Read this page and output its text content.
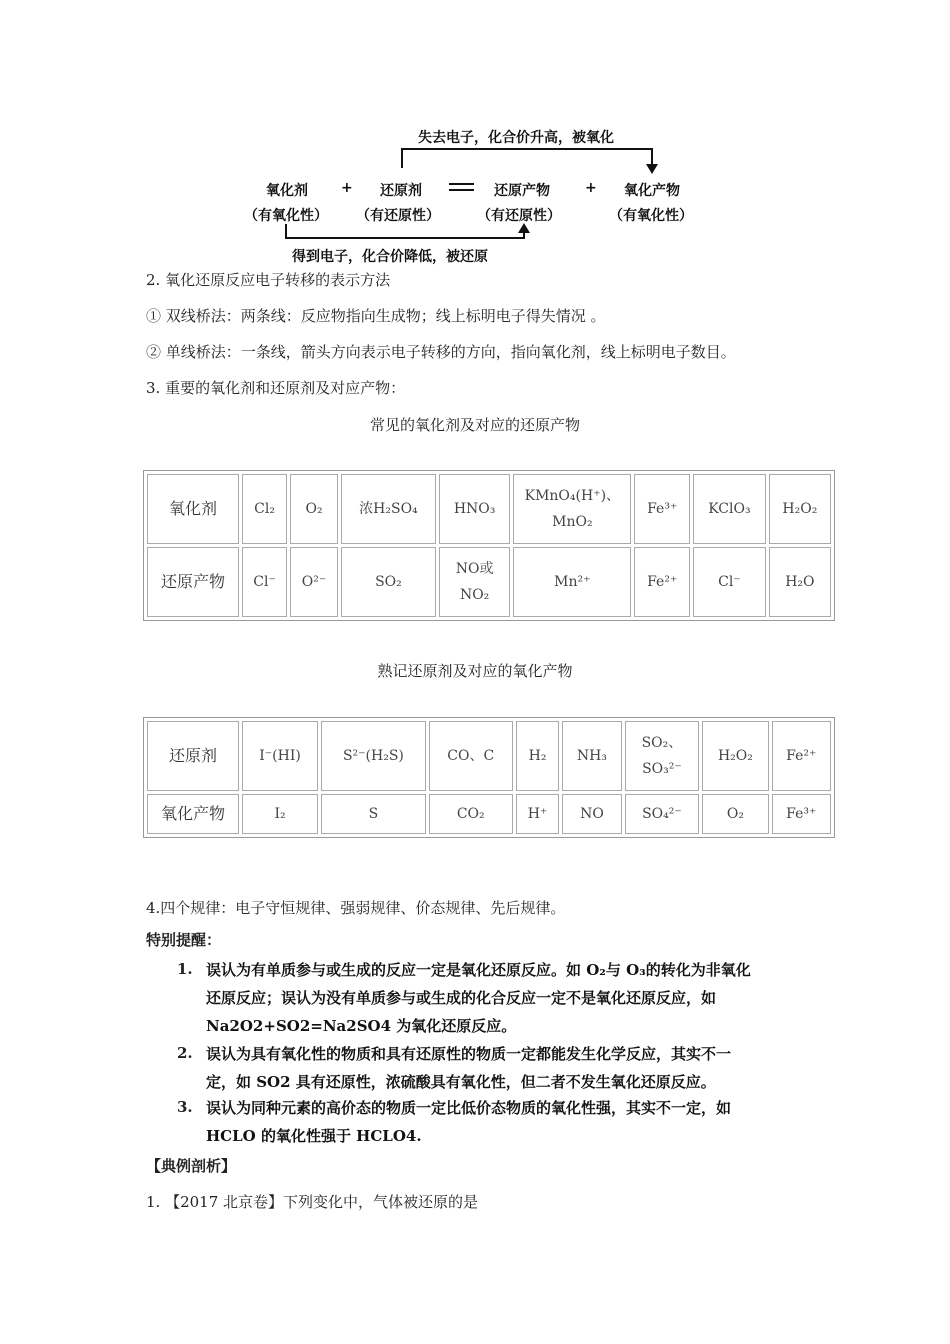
失去电子，化合价升高，被氧化
氧化剂 + 还原剂	还原产物	+ 氧化产物
（有氧化性） （有还原性）	（有还原性）	（有氧化性）
得到电子，化合价降低，被还原
2. 氧化还原反应电子转移的表示方法
① 双线桥法：两条线：反应物指向生成物；线上标明电子得失情况 。
② 单线桥法：一条线，箭头方向表示电子转移的方向，指向氧化剂，线上标明电子数目。
3. 重要的氧化剂和还原剂及对应产物：
常见的氧化剂及对应的还原产物
氧化剂	Cl₂	O₂	浓H₂SO₄	HNO₃	KMnO₄(H⁺)、
MnO₂	Fe³⁺	KClO₃	H₂O₂
还原产物	Cl⁻	O²⁻	SO₂	NO或
NO₂	Mn²⁺	Fe²⁺	Cl⁻	H₂O
熟记还原剂及对应的氧化产物
还原剂	I⁻(HI)	S²⁻(H₂S)	CO、C	H₂	NH₃	SO₂、
SO₃²⁻	H₂O₂	Fe²⁺
氧化产物	I₂	S	CO₂	H⁺	NO	SO₄²⁻	O₂	Fe³⁺
4.四个规律：电子守恒规律、强弱规律、价态规律、先后规律。
特别提醒：
1. 误认为有单质参与或生成的反应一定是氧化还原反应。如 O₂与 O₃的转化为非氧化
还原反应；误认为没有单质参与或生成的化合反应一定不是氧化还原反应，如
Na2O2+SO2=Na2SO4 为氧化还原反应。
2. 误认为具有氧化性的物质和具有还原性的物质一定都能发生化学反应，其实不一
定，如 SO2 具有还原性，浓硫酸具有氧化性，但二者不发生氧化还原反应。
3. 误认为同种元素的高价态的物质一定比低价态物质的氧化性强，其实不一定，如
HCLO 的氧化性强于 HCLO4.
【典例剖析】
1. 【2017 北京卷】下列变化中，气体被还原的是
